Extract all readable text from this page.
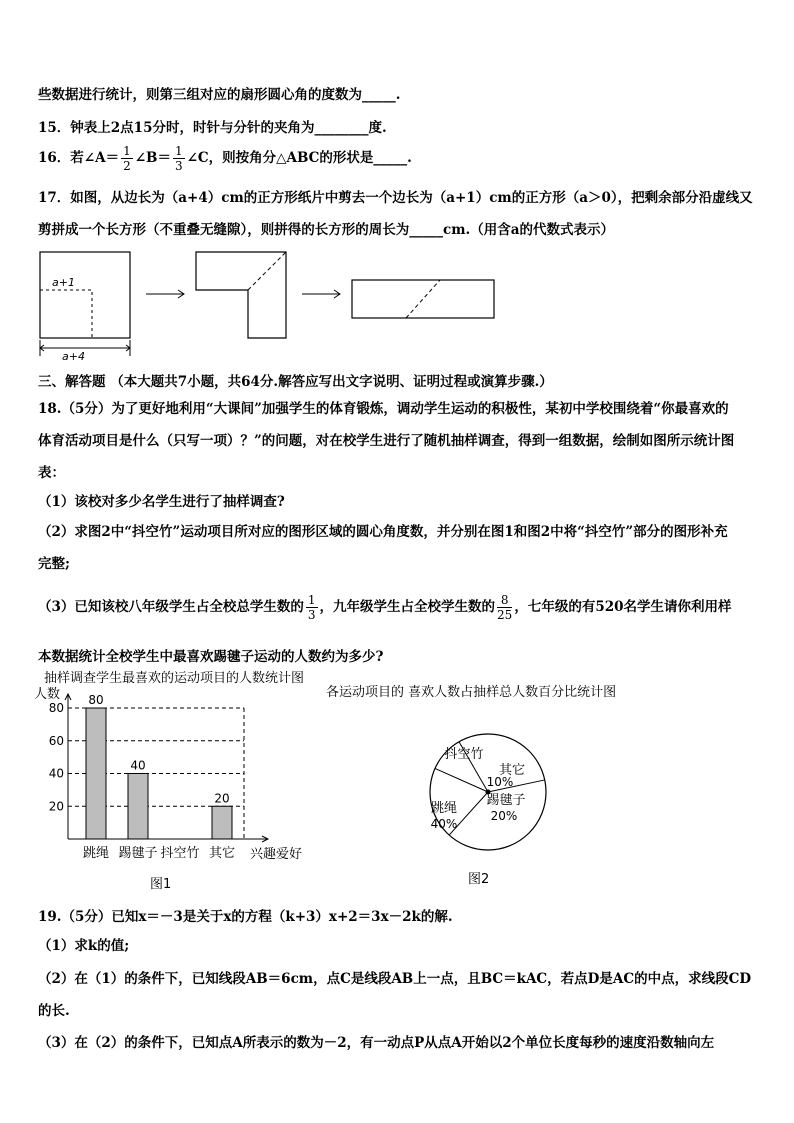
些数据进行统计，则第三组对应的扇形圆心角的度数为_____.
15．钟表上2点15分时，时针与分针的夹角为________度.
16．若∠A＝ $\frac{1}{2}$ ∠B＝ $\frac{1}{3}$ ∠C，则按角分△ABC的形状是_____.
17．如图，从边长为（a+4）cm的正方形纸片中剪去一个边长为（a+1）cm的正方形（a＞0），把剩余部分沿虚线又
剪拼成一个长方形（不重叠无缝隙），则拼得的长方形的周长为_____cm.（用含a的代数式表示）
a+1
a+4
三、解答题 （本大题共7小题，共64分.解答应写出文字说明、证明过程或演算步骤.）
18.（5分）为了更好地利用“大课间”加强学生的体育锻炼，调动学生运动的积极性，某初中学校围绕着“你最喜欢的
体育活动项目是什么（只写一项）？”的问题，对在校学生进行了随机抽样调查，得到一组数据，绘制如图所示统计图
表：
（1）该校对多少名学生进行了抽样调查?
（2）求图2中“抖空竹”运动项目所对应的图形区域的圆心角度数，并分别在图1和图2中将“抖空竹”部分的图形补充
完整;
（3）已知该校八年级学生占全校总学生数的 $\frac{1}{3}$ ，九年级学生占全校学生数的 $\frac{8}{25}$ ，七年级的有520名学生请你利用样
本数据统计全校学生中最喜欢踢毽子运动的人数约为多少?
抽样调查学生最喜欢的运动项目的人数统计图
人数
20
40
60
80
80
跳绳
40
踢毽子 抖空竹
20
其它 兴趣爱好
图1
各运动项目的 喜欢人数占抽样总人数百分比统计图
跳绳
40%
踢毽子
20%
其它
10%
抖空竹
图2
19.（5分）已知x＝－3是关于x的方程（k+3）x+2＝3x－2k的解.
（1）求k的值;
（2）在（1）的条件下，已知线段AB＝6cm，点C是线段AB上一点，且BC＝kAC，若点D是AC的中点，求线段CD
的长.
（3）在（2）的条件下，已知点A所表示的数为－2，有一动点P从点A开始以2个单位长度每秒的速度沿数轴向左
